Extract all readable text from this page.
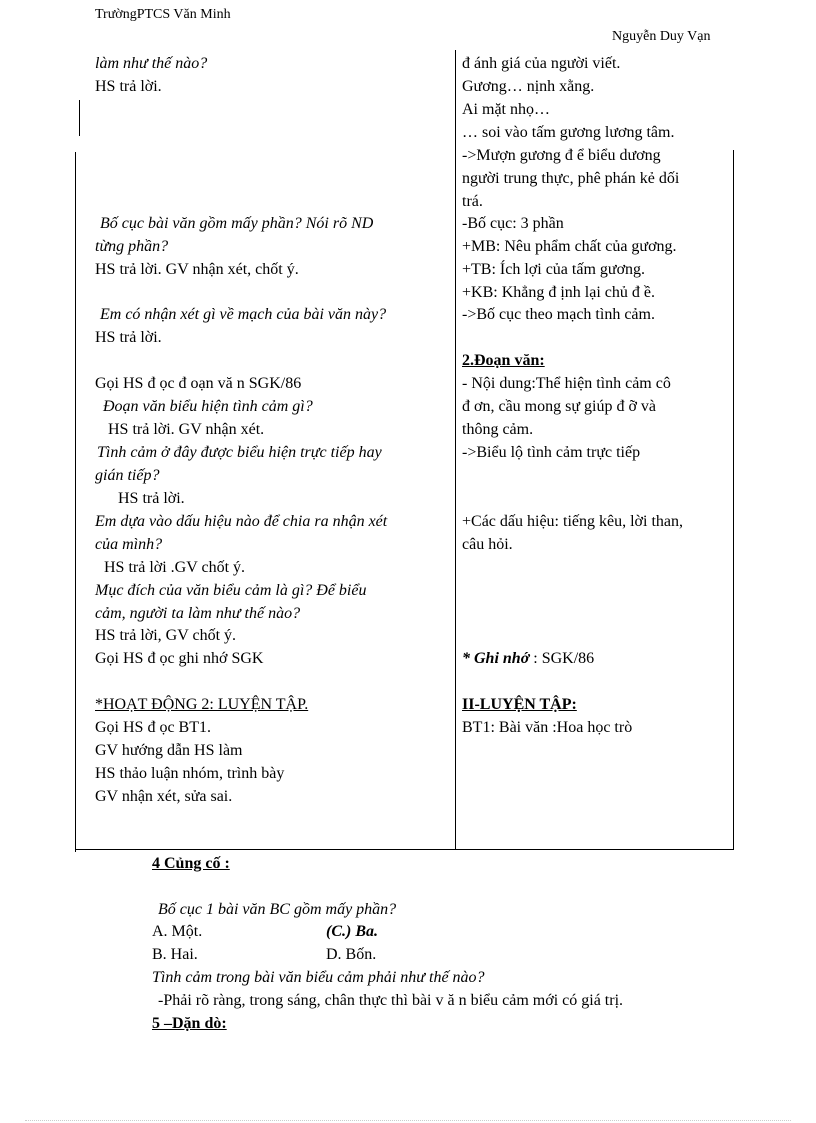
TrườngPTCS Văn Minh
Nguyễn Duy Vạn
làm như thế nào?
HS trả lời.
Bố cục bài văn gồm mấy phần? Nói rõ ND
từng phần?
HS trả lời. GV nhận xét, chốt ý.
Em có nhận xét gì về mạch của bài văn này?
HS trả lời.
Gọi HS đ ọc đ oạn vă n SGK/86
Đoạn văn biểu hiện tình cảm gì?
HS trả lời. GV nhận xét.
Tình cảm ở đây được biểu hiện trực tiếp hay
gián tiếp?
HS trả lời.
Em dựa vào dấu hiệu nào để chia ra nhận xét
của mình?
HS trả lời .GV chốt ý.
Mục đích của văn biểu cảm là gì? Để biểu
cảm, người ta làm như thế nào?
HS trả lời, GV chốt ý.
Gọi HS đ ọc ghi nhớ SGK
*HOẠT ĐỘNG 2: LUYỆN TẬP.
Gọi HS đ ọc BT1.
GV hướng dẫn HS làm
HS thảo luận nhóm, trình bày
GV nhận xét, sửa sai.
đ ánh giá của người viết.
Gương… nịnh xằng.
Ai mặt nhọ…
… soi vào tấm gương lương tâm.
->Mượn gương đ ể biểu dương
người trung thực, phê phán kẻ dối
trá.
-Bố cục: 3 phần
+MB: Nêu phẩm chất của gương.
+TB: Ích lợi của tấm gương.
+KB: Khẳng đ ịnh lại chủ đ ề.
->Bố cục theo mạch tình cảm.
2.Đoạn văn:
- Nội dung:Thể hiện tình cảm cô
đ ơn, cầu mong sự giúp đ ỡ và
thông cảm.
->Biểu lộ tình cảm trực tiếp
+Các dấu hiệu: tiếng kêu, lời than,
câu hỏi.
* Ghi nhớ : SGK/86
II-LUYỆN TẬP:
BT1: Bài văn :Hoa học trò
4 Củng cố :
Bố cục 1 bài văn BC gồm mấy phần?
A. Một.	(C.) Ba.
B. Hai.	D. Bốn.
Tình cảm trong bài văn biểu cảm phải như thế nào?
-Phải rõ ràng, trong sáng, chân thực thì bài v ă n biểu cảm mới có giá trị.
5 –Dặn dò:
